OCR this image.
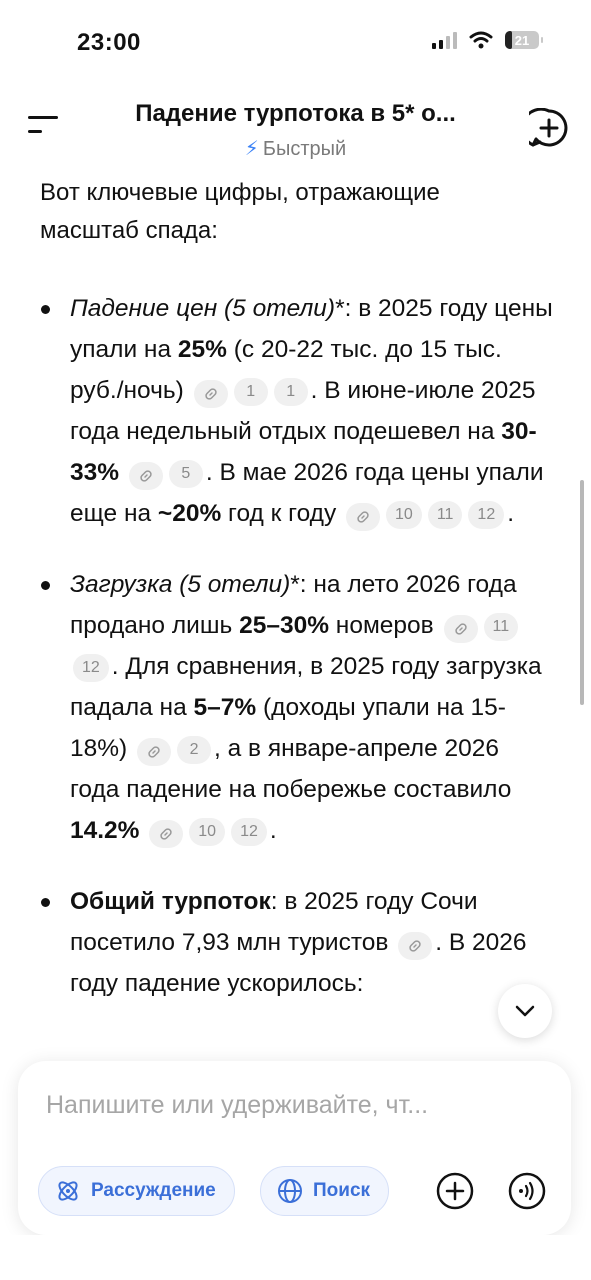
23:00	21
Падение турпотока в 5* о...
⚡ Быстрый

Вот ключевые цифры, отражающие масштаб спада:

Падение цен (5 отели)*: в 2025 году цены упали на 25% (с 20-22 тыс. до 15 тыс. руб./ночь)	1 1 . В июне-июле 2025 года недельный отдых подешевел на 30-33%	5 . В мае 2026 года цены упали еще на ~20% год к году	10 11 12 .
Загрузка (5 отели)*: на лето 2026 года продано лишь 25–30% номеров	1112 . Для сравнения, в 2025 году загрузка падала на 5–7% (доходы упали на 15-18%)	2 , а в январе-апреле 2026 года падение на побережье составило 14.2%	10 12 .
Общий турпоток: в 2025 году Сочи посетило 7,93 млн туристов . В 2026 году падение ускорилось:
Напишите или удерживайте, чт...
Рассуждение	Поиск
